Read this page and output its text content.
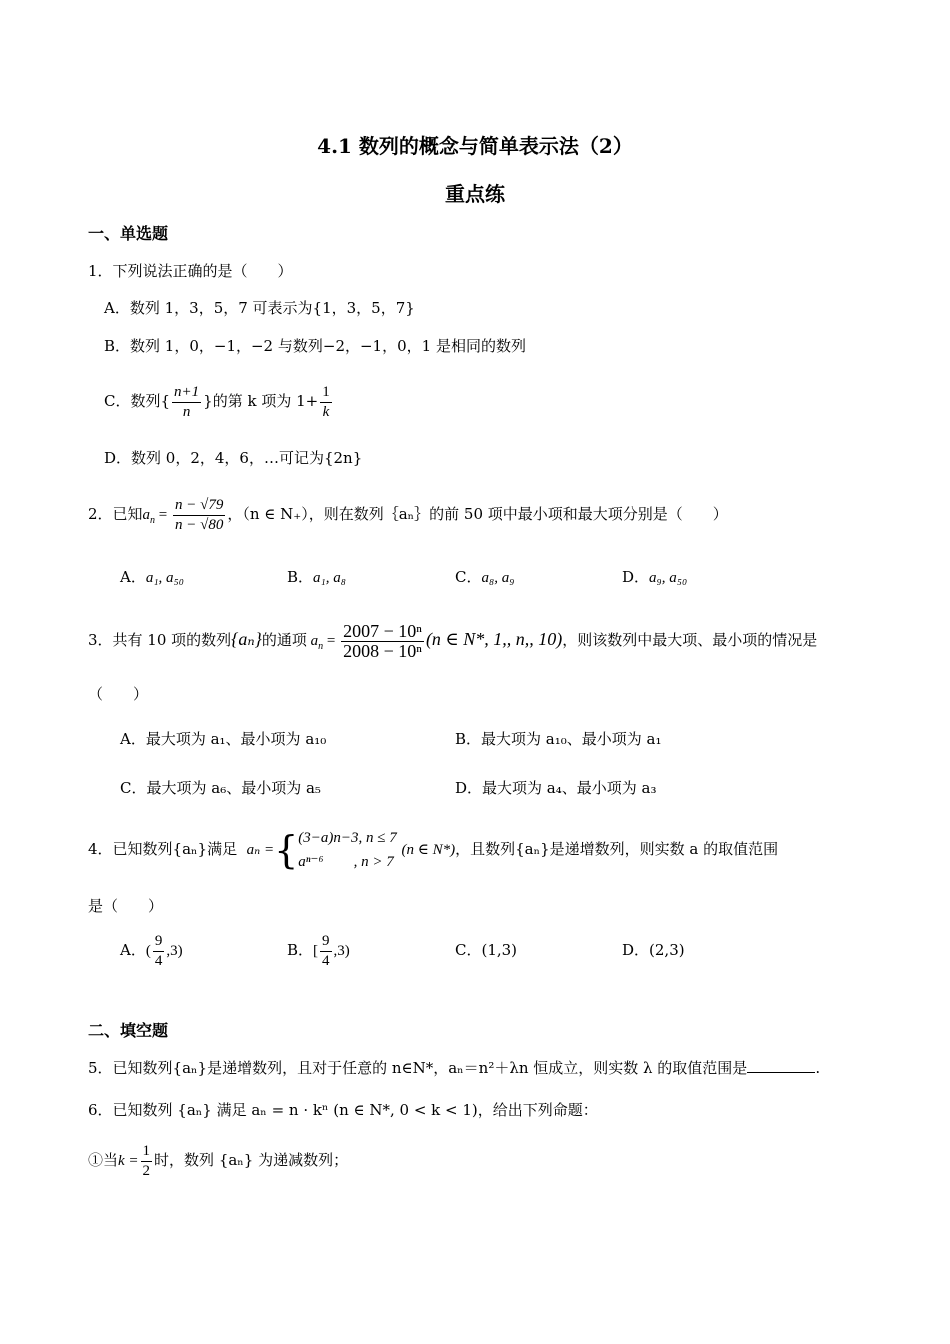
4.1 数列的概念与简单表示法（2）
重点练
一、单选题
1．下列说法正确的是（　　）
A．数列 1，3，5，7 可表示为{1，3，5，7}
B．数列 1，0，−1，−2 与数列−2，−1，0，1 是相同的数列
C．数列{ $\frac{n+1}{n}$ }的第 k 项为 $1+ \frac{1}{k}$
D．数列 0，2，4，6，…可记为{2n}
2．已知$a_n = \frac{n - √79}{n - √80}$ ，（n ∈ N₊），则在数列｛aₙ｝的前 50 项中最小项和最大项分别是（　　）
A．a₁, a₅₀	B．a₁, a₈	C．a₈, a₉	D．a₉, a₅₀
3．共有 10 项的数列{aₙ}的通项 $a_n = \frac{\text{2007 − 10ⁿ}}{\text{2008 − 10ⁿ}} (n$ ∈ N*, 1,, n,, 10)，则该数列中最大项、最小项的情况是
（　　）
A．最大项为 a₁、最小项为 a₁₀	B．最大项为 a₁₀、最小项为 a₁
C．最大项为 a₆、最小项为 a₅	D．最大项为 a₄、最小项为 a₃
4．已知数列{aₙ}满足 aₙ ={ (3−a)n−3, n ≤ 7
aⁿ⁻⁶　　, n > 7
(n ∈ N*)，且数列{aₙ}是递增数列，则实数 a 的取值范围
是（　　）
A．( $\frac{9}{4} ,3$)	B．[ $\frac{9}{4} ,3$)	C．(1,3)	D．(2,3)
二、填空题
5．已知数列{aₙ}是递增数列，且对于任意的 n∈N*，aₙ＝n²＋λn 恒成立，则实数 λ 的取值范围是	.
6．已知数列 {aₙ} 满足 aₙ = n · kⁿ (n ∈ N*, 0 < k < 1)，给出下列命题：
①当$k = \frac{1}{2}$ 时，数列 {aₙ} 为递减数列；
